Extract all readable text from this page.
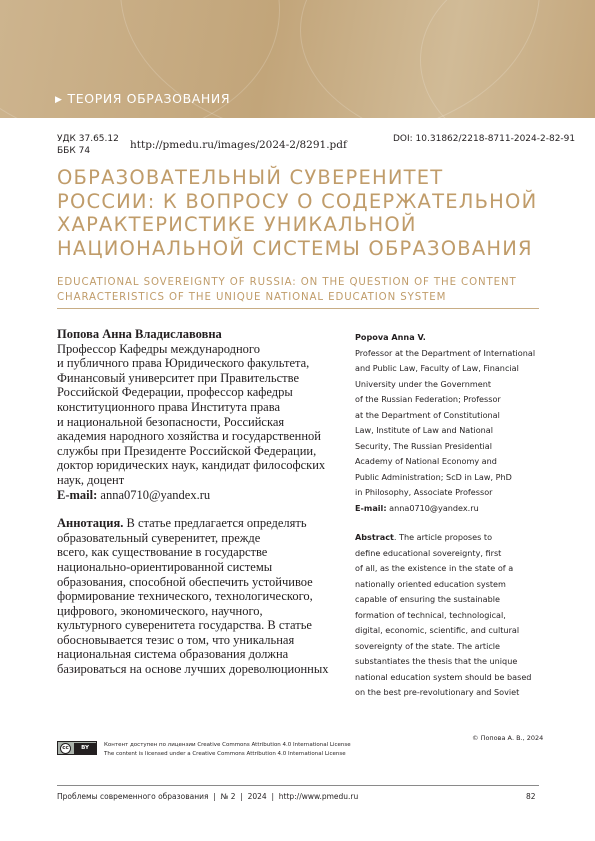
▶ ТЕОРИЯ ОБРАЗОВАНИЯ
УДК 37.65.12
ББК 74	http://pmedu.ru/images/2024-2/8291.pdf	DOI: 10.31862/2218-8711-2024-2-82-91
ОБРАЗОВАТЕЛЬНЫЙ СУВЕРЕНИТЕТ
РОССИИ: К ВОПРОСУ О СОДЕРЖАТЕЛЬНОЙ
ХАРАКТЕРИСТИКЕ УНИКАЛЬНОЙ
НАЦИОНАЛЬНОЙ СИСТЕМЫ ОБРАЗОВАНИЯ
EDUCATIONAL SOVEREIGNTY OF RUSSIA: ON THE QUESTION OF THE CONTENT
CHARACTERISTICS OF THE UNIQUE NATIONAL EDUCATION SYSTEM
Попова Анна Владиславовна
Профессор Кафедры международного
и публичного права Юридического факультета,
Финансовый университет при Правительстве
Российской Федерации, профессор кафедры
конституционного права Института права
и национальной безопасности, Российская
академия народного хозяйства и государственной
службы при Президенте Российской Федерации,
доктор юридических наук, кандидат философских
наук, доцент
E-mail: anna0710@yandex.ru
Аннотация. В статье предлагается определять
образовательный суверенитет, прежде
всего, как существование в государстве
национально-ориентированной системы
образования, способной обеспечить устойчивое
формирование технического, технологического,
цифрового, экономического, научного,
культурного суверенитета государства. В статье
обосновывается тезис о том, что уникальная
национальная система образования должна
базироваться на основе лучших дореволюционных
Popova Anna V.
Professor at the Department of International
and Public Law, Faculty of Law, Financial
University under the Government
of the Russian Federation; Professor
at the Department of Constitutional
Law, Institute of Law and National
Security, The Russian Presidential
Academy of National Economy and
Public Administration; ScD in Law, PhD
in Philosophy, Associate Professor
E-mail: anna0710@yandex.ru
Abstract. The article proposes to
define educational sovereignty, first
of all, as the existence in the state of a
nationally oriented education system
capable of ensuring the sustainable
formation of technical, technological,
digital, economic, scientific, and cultural
sovereignty of the state. The article
substantiates the thesis that the unique
national education system should be based
on the best pre-revolutionary and Soviet
© Попова А. В., 2024
cc	BY	Контент доступен по лицензии Creative Commons Attribution 4.0 International License
The content is licensed under a Creative Commons Attribution 4.0 International License
Проблемы современного образования  |  № 2  |  2024  |  http://www.pmedu.ru	82
